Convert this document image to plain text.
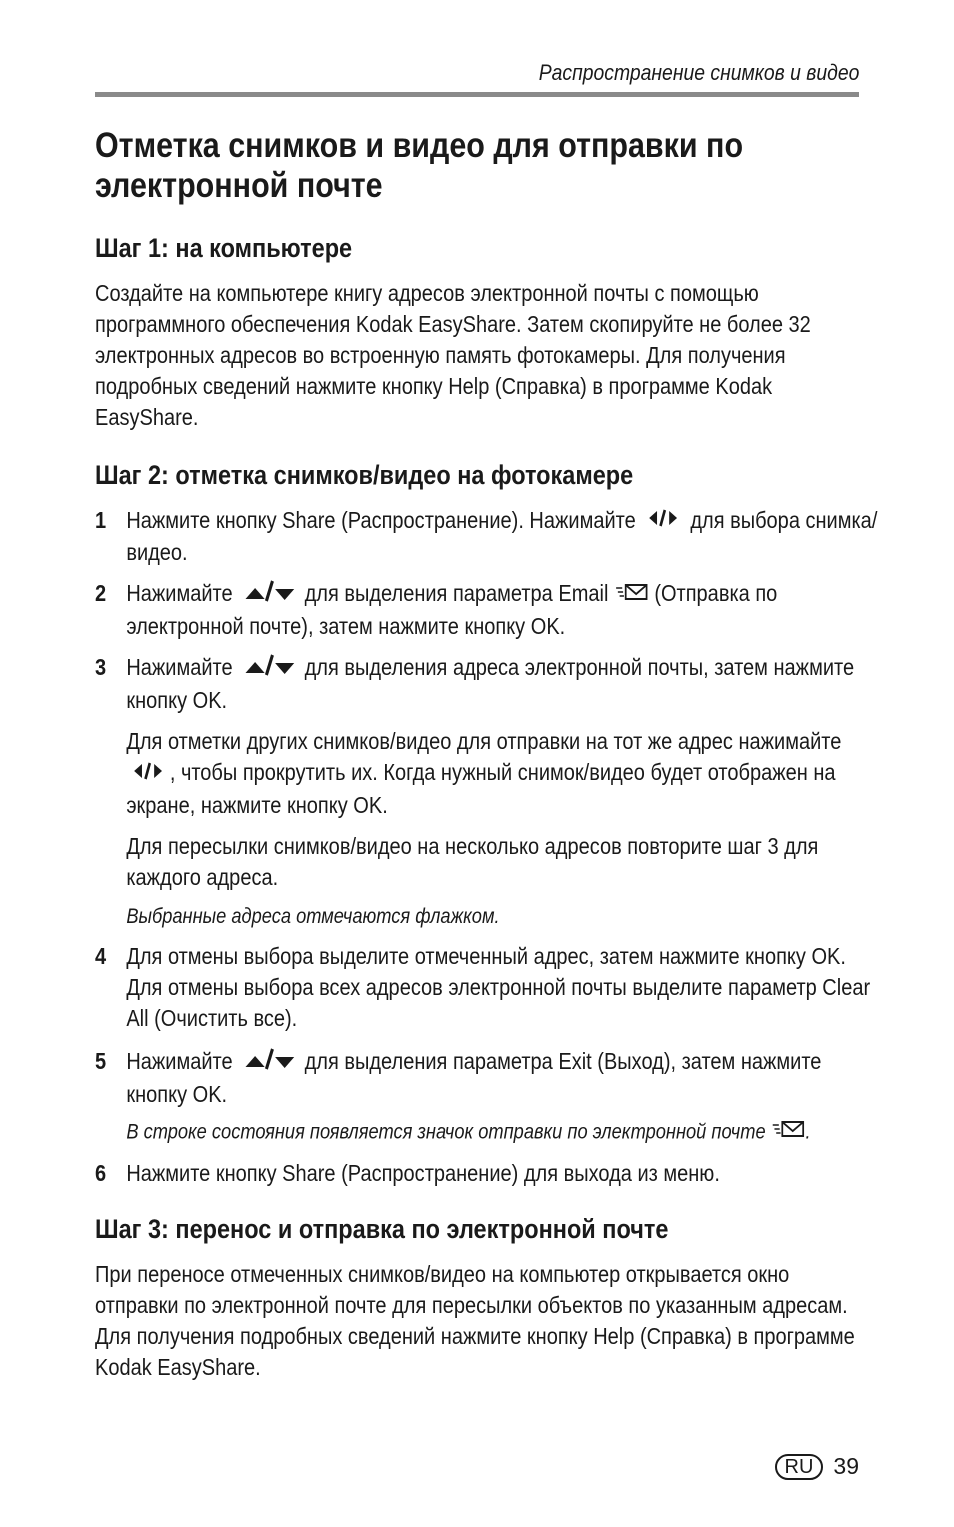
Распространение снимков и видео
Отметка снимков и видео для отправки по электронной почте
Шаг 1: на компьютере

Создайте на компьютере книгу адресов электронной почты с помощью программного обеспечения Kodak EasyShare. Затем скопируйте не более 32 электронных адресов во встроенную память фотокамеры. Для получения подробных сведений нажмите кнопку Help (Справка) в программе Kodak EasyShare.

Шаг 2: отметка снимков/видео на фотокамере
1 Нажмите кнопку Share (Распространение). Нажимайте для выбора снимка/видео.
2 Нажимайте	для выделения параметра Email (Отправка по электронной почте), затем нажмите кнопку OK.
3 Нажимайте	для выделения адреса электронной почты, затем нажмите кнопку OK.

Для отметки других снимков/видео для отправки на тот же адрес нажимайте , чтобы прокрутить их. Когда нужный снимок/видео будет отображен на экране, нажмите кнопку OK.

Для пересылки снимков/видео на несколько адресов повторите шаг 3 для каждого адреса.

Выбранные адреса отмечаются флажком.

4 Для отмены выбора выделите отмеченный адрес, затем нажмите кнопку OK. Для отмены выбора всех адресов электронной почты выделите параметр Clear All (Очистить все).
5 Нажимайте	для выделения параметра Exit (Выход), затем нажмите кнопку OK.

В строке состояния появляется значок отправки по электронной почте .

6 Нажмите кнопку Share (Распространение) для выхода из меню.
Шаг 3: перенос и отправка по электронной почте

При переносе отмеченных снимков/видео на компьютер открывается окно отправки по электронной почте для пересылки объектов по указанным адресам. Для получения подробных сведений нажмите кнопку Help (Справка) в программе Kodak EasyShare.

RU 39
